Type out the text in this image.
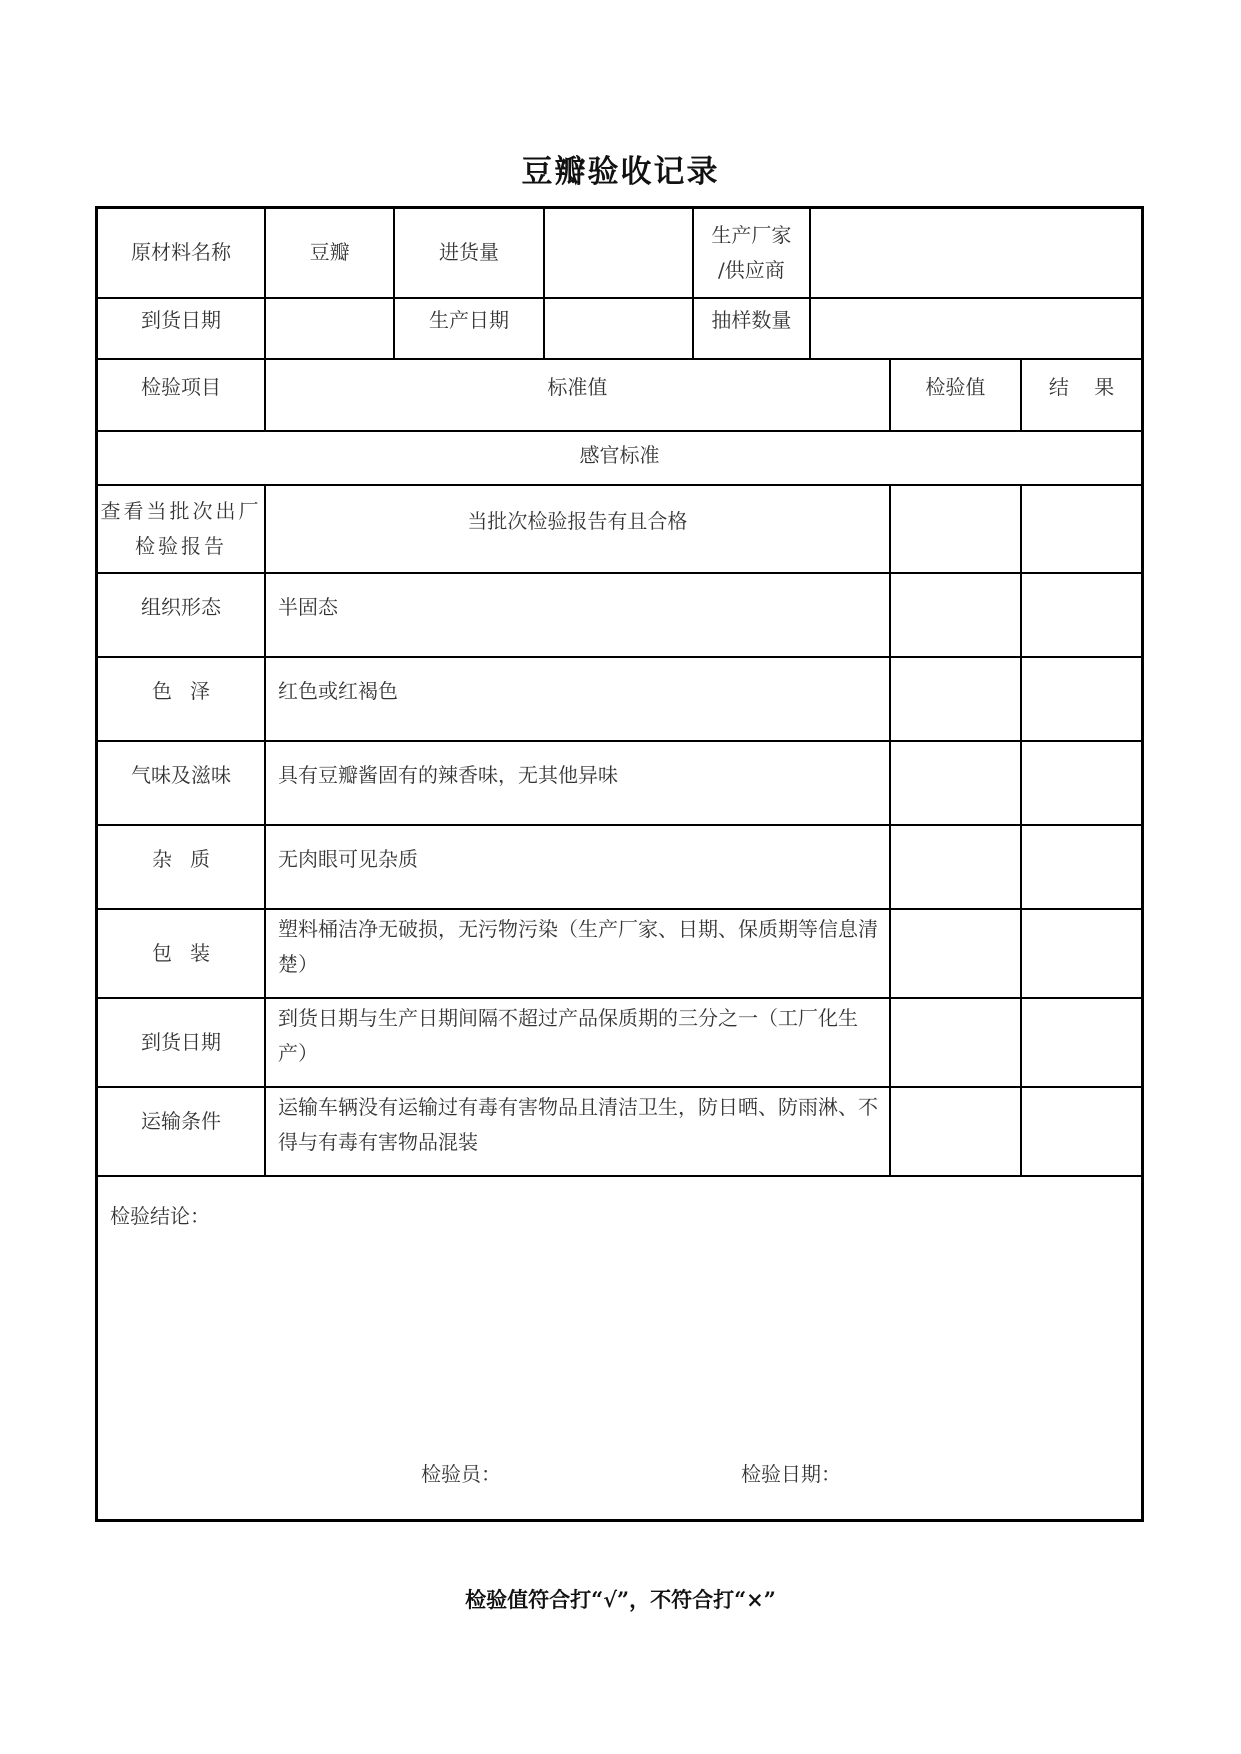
豆瓣验收记录
原材料名称	豆瓣	进货量		生产厂家
/供应商			

到货日期		生产日期		抽样数量			
检验项目	标准值					检验值	结    果
感官标准							
查看当批次出厂检验报告	当批次检验报告有且合格						
组织形态	半固态						
色泽	红色或红褐色						
气味及滋味	具有豆瓣酱固有的辣香味，无其他异味						
杂质	无肉眼可见杂质						
包装	塑料桶洁净无破损，无污物污染（生产厂家、日期、保质期等信息清楚）						
到货日期	到货日期与生产日期间隔不超过产品保质期的三分之一（工厂化生产）						
运输条件	运输车辆没有运输过有毒有害物品且清洁卫生，防日晒、防雨淋、不得与有毒有害物品混装						

检验结论：
检验员： 检验日期：							
检验值符合打“√”，不符合打“×”
